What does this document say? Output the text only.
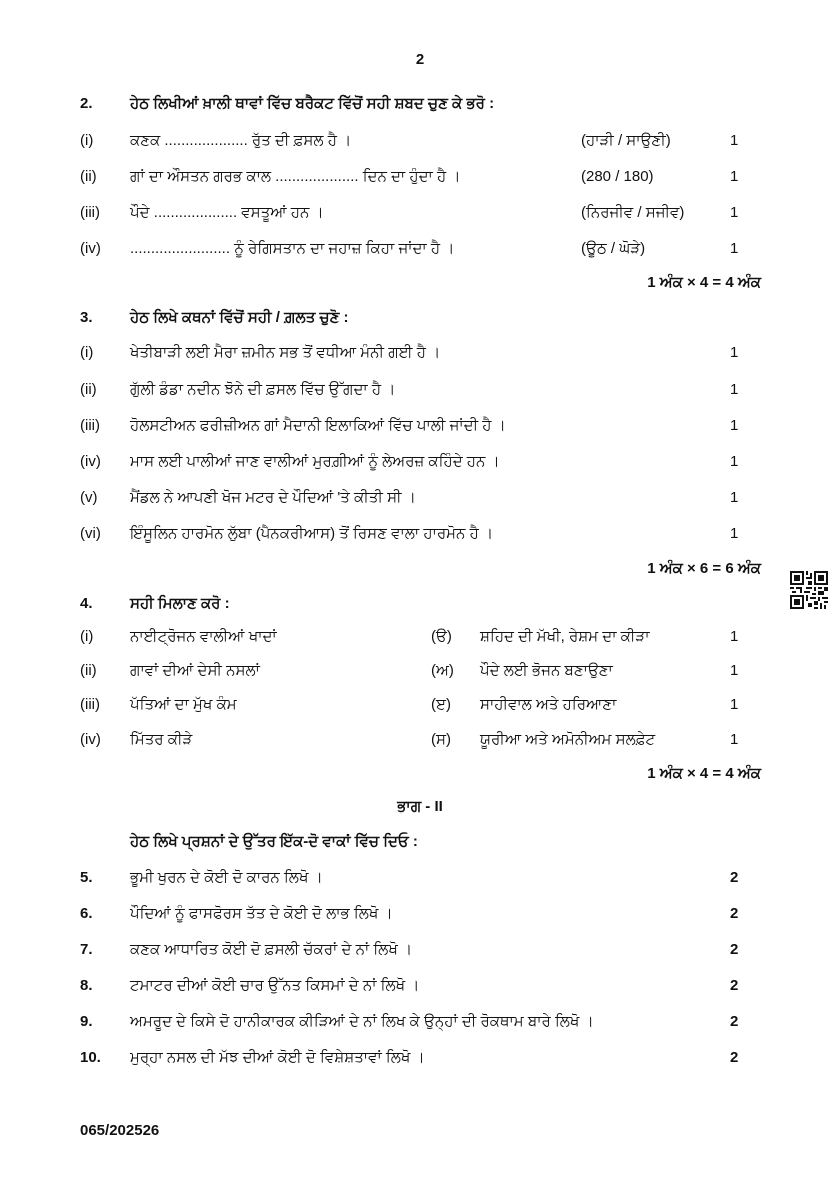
2
2. ਹੇਠ ਲਿਖੀਆਂ ਖ਼ਾਲੀ ਥਾਵਾਂ ਵਿੱਚ ਬਰੈਕਟ ਵਿੱਚੋਂ ਸਹੀ ਸ਼ਬਦ ਚੁਣ ਕੇ ਭਰੋ :
(i) ਕਣਕ .................... ਰੁੱਤ ਦੀ ਫ਼ਸਲ ਹੈ ।	(ਹਾੜੀ / ਸਾਉਣੀ)	1
(ii) ਗਾਂ ਦਾ ਔਸਤਨ ਗਰਭ ਕਾਲ .................... ਦਿਨ ਦਾ ਹੁੰਦਾ ਹੈ ।	(280 / 180)	1
(iii) ਪੌਦੇ .................... ਵਸਤੂਆਂ ਹਨ ।	(ਨਿਰਜੀਵ / ਸਜੀਵ)	1
(iv) ........................ ਨੂੰ ਰੇਗਿਸਤਾਨ ਦਾ ਜਹਾਜ਼ ਕਿਹਾ ਜਾਂਦਾ ਹੈ ।	(ਊਠ / ਘੋੜੇ)	1
1 ਅੰਕ × 4 = 4 ਅੰਕ
3. ਹੇਠ ਲਿਖੇ ਕਥਨਾਂ ਵਿੱਚੋਂ ਸਹੀ / ਗ਼ਲਤ ਚੁਣੋ :
(i) ਖੇਤੀਬਾੜੀ ਲਈ ਮੈਰਾ ਜ਼ਮੀਨ ਸਭ ਤੋਂ ਵਧੀਆ ਮੰਨੀ ਗਈ ਹੈ ।	1
(ii) ਗੁੱਲੀ ਡੰਡਾ ਨਦੀਨ ਝੋਨੇ ਦੀ ਫ਼ਸਲ ਵਿੱਚ ਉੱਗਦਾ ਹੈ ।	1
(iii) ਹੋਲਸਟੀਅਨ ਫਰੀਜ਼ੀਅਨ ਗਾਂ ਮੈਦਾਨੀ ਇਲਾਕਿਆਂ ਵਿੱਚ ਪਾਲੀ ਜਾਂਦੀ ਹੈ ।	1
(iv) ਮਾਸ ਲਈ ਪਾਲੀਆਂ ਜਾਣ ਵਾਲੀਆਂ ਮੁਰਗ਼ੀਆਂ ਨੂੰ ਲੇਅਰਜ਼ ਕਹਿੰਦੇ ਹਨ ।	1
(v) ਮੈਂਡਲ ਨੇ ਆਪਣੀ ਖੋਜ ਮਟਰ ਦੇ ਪੌਦਿਆਂ 'ਤੇ ਕੀਤੀ ਸੀ ।	1
(vi) ਇੰਸੂਲਿਨ ਹਾਰਮੋਨ ਲੁੱਬਾ (ਪੈਨਕਰੀਆਸ) ਤੋਂ ਰਿਸਣ ਵਾਲਾ ਹਾਰਮੋਨ ਹੈ ।	1
1 ਅੰਕ × 6 = 6 ਅੰਕ
4. ਸਹੀ ਮਿਲਾਣ ਕਰੋ :
(i) ਨਾਈਟ੍ਰੋਜਨ ਵਾਲੀਆਂ ਖਾਦਾਂ	(ੳ) ਸ਼ਹਿਦ ਦੀ ਮੱਖੀ, ਰੇਸ਼ਮ ਦਾ ਕੀੜਾ	1
(ii) ਗਾਵਾਂ ਦੀਆਂ ਦੇਸੀ ਨਸਲਾਂ	(ਅ) ਪੌਦੇ ਲਈ ਭੋਜਨ ਬਣਾਉਣਾ	1
(iii) ਪੱਤਿਆਂ ਦਾ ਮੁੱਖ ਕੰਮ	(ੲ) ਸਾਹੀਵਾਲ ਅਤੇ ਹਰਿਆਣਾ	1
(iv) ਮਿੱਤਰ ਕੀੜੇ	(ਸ) ਯੂਰੀਆ ਅਤੇ ਅਮੋਨੀਅਮ ਸਲਫ਼ੇਟ	1
1 ਅੰਕ × 4 = 4 ਅੰਕ
ਭਾਗ - II
ਹੇਠ ਲਿਖੇ ਪ੍ਰਸ਼ਨਾਂ ਦੇ ਉੱਤਰ ਇੱਕ-ਦੋ ਵਾਕਾਂ ਵਿੱਚ ਦਿਓ :
5. ਭੂਮੀ ਖੁਰਨ ਦੇ ਕੋਈ ਦੋ ਕਾਰਨ ਲਿਖੋ ।	2
6. ਪੌਦਿਆਂ ਨੂੰ ਫਾਸਫੋਰਸ ਤੱਤ ਦੇ ਕੋਈ ਦੋ ਲਾਭ ਲਿਖੋ ।	2
7. ਕਣਕ ਆਧਾਰਿਤ ਕੋਈ ਦੋ ਫ਼ਸਲੀ ਚੱਕਰਾਂ ਦੇ ਨਾਂ ਲਿਖੋ ।	2
8. ਟਮਾਟਰ ਦੀਆਂ ਕੋਈ ਚਾਰ ਉੱਨਤ ਕਿਸਮਾਂ ਦੇ ਨਾਂ ਲਿਖੋ ।	2
9. ਅਮਰੂਦ ਦੇ ਕਿਸੇ ਦੋ ਹਾਨੀਕਾਰਕ ਕੀੜਿਆਂ ਦੇ ਨਾਂ ਲਿਖ ਕੇ ਉਨ੍ਹਾਂ ਦੀ ਰੋਕਥਾਮ ਬਾਰੇ ਲਿਖੋ ।	2
10. ਮੁਰ੍ਹਾ ਨਸਲ ਦੀ ਮੱਝ ਦੀਆਂ ਕੋਈ ਦੋ ਵਿਸ਼ੇਸ਼ਤਾਵਾਂ ਲਿਖੋ ।	2
065/202526
